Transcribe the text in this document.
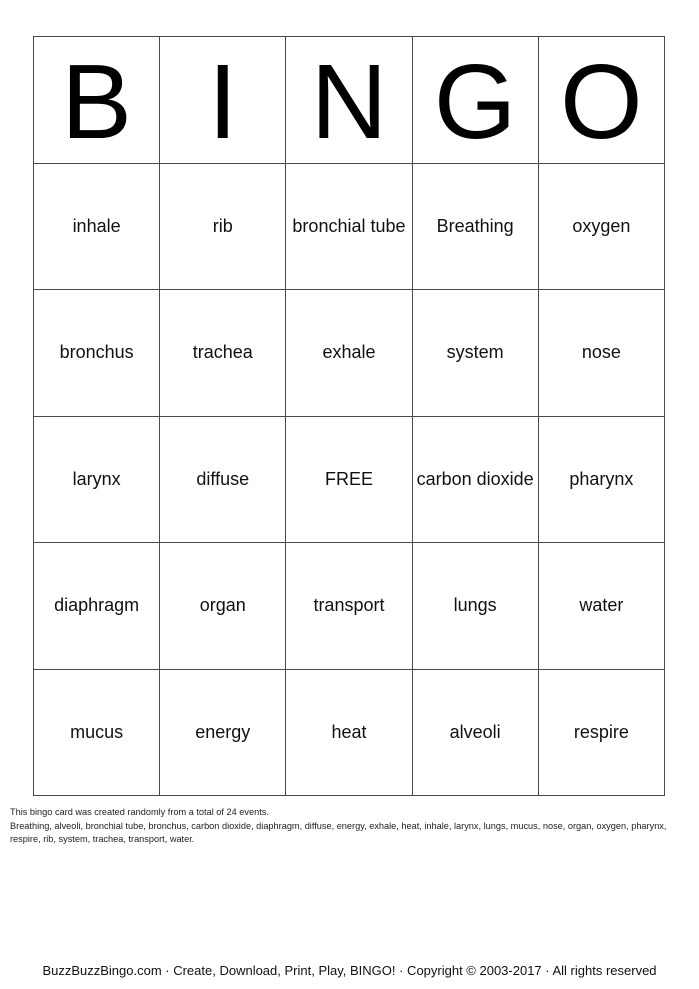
B	I	N	G	O
inhale	rib	bronchial tube	Breathing	oxygen
bronchus	trachea	exhale	system	nose
larynx	diffuse	FREE	carbon dioxide	pharynx
diaphragm	organ	transport	lungs	water
mucus	energy	heat	alveoli	respire
This bingo card was created randomly from a total of 24 events.
Breathing, alveoli, bronchial tube, bronchus, carbon dioxide, diaphragm, diffuse, energy, exhale, heat, inhale, larynx, lungs, mucus, nose, organ, oxygen, pharynx, respire, rib, system, trachea, transport, water.
BuzzBuzzBingo.com · Create, Download, Print, Play, BINGO! · Copyright © 2003-2017 · All rights reserved
